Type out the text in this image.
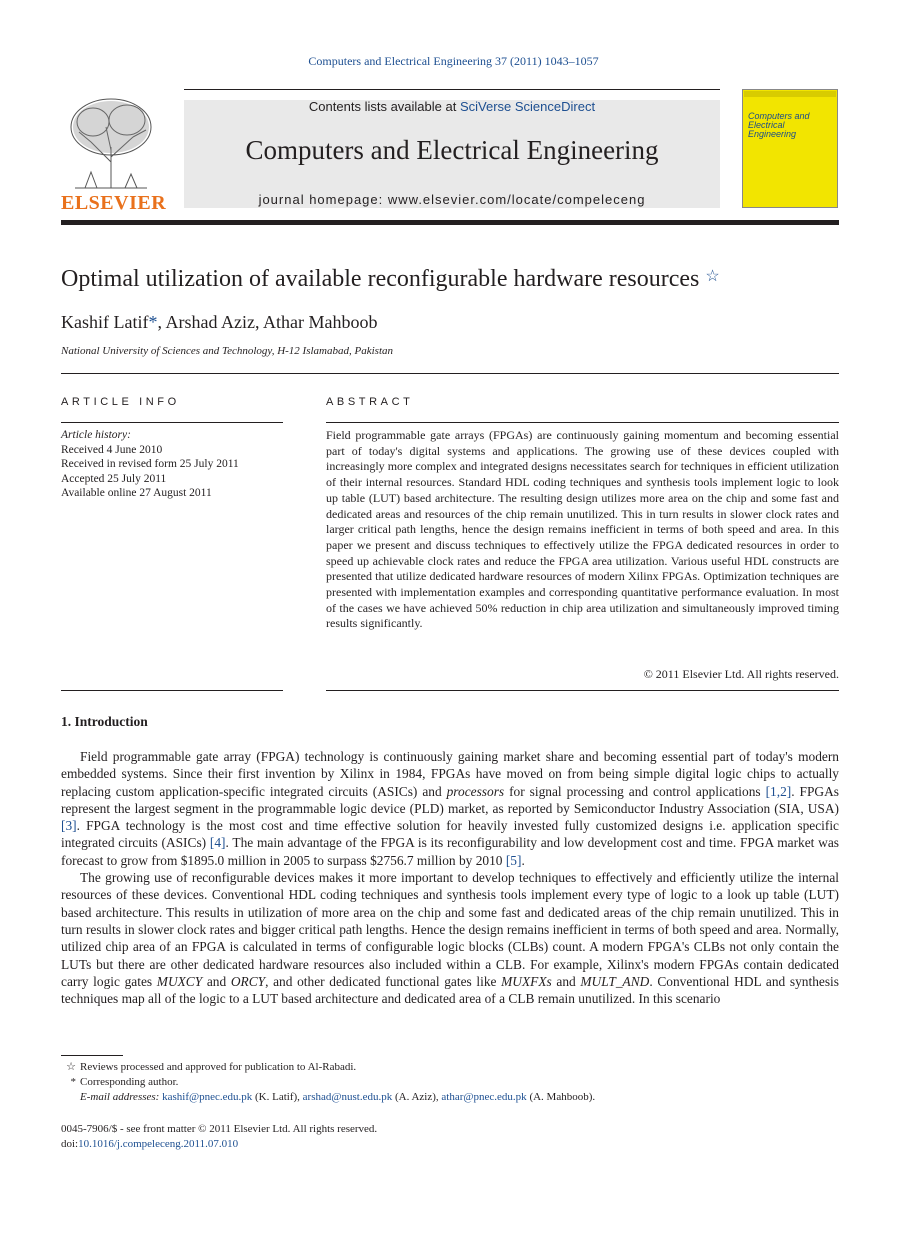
Computers and Electrical Engineering 37 (2011) 1043–1057
ELSEVIER
Contents lists available at SciVerse ScienceDirect
Computers and Electrical Engineering
journal homepage: www.elsevier.com/locate/compeleceng
Computers and Electrical Engineering
Optimal utilization of available reconfigurable hardware resources ☆
Kashif Latif*, Arshad Aziz, Athar Mahboob
National University of Sciences and Technology, H-12 Islamabad, Pakistan
ARTICLE INFO
Article history:
Received 4 June 2010
Received in revised form 25 July 2011
Accepted 25 July 2011
Available online 27 August 2011
ABSTRACT
Field programmable gate arrays (FPGAs) are continuously gaining momentum and becoming essential part of today's digital systems and applications. The growing use of these devices coupled with increasingly more complex and integrated designs necessitates search for techniques in efficient utilization of their internal resources. Standard HDL coding techniques and synthesis tools implement logic to look up table (LUT) based architecture. The resulting design utilizes more area on the chip and some fast and dedicated areas and resources of the chip remain unutilized. This in turn results in slower clock rates and larger critical path lengths, hence the design remains inefficient in terms of both speed and area. In this paper we present and discuss techniques to effectively utilize the FPGA dedicated resources in order to speed up achievable clock rates and reduce the FPGA area utilization. Various useful HDL constructs are presented that utilize dedicated hardware resources of modern Xilinx FPGAs. Optimization techniques are presented with implementation examples and corresponding quantitative performance evaluation. In most of the cases we have achieved 50% reduction in chip area utilization and simultaneously improved timing results significantly.
© 2011 Elsevier Ltd. All rights reserved.
1. Introduction

Field programmable gate array (FPGA) technology is continuously gaining market share and becoming essential part of today's modern embedded systems. Since their first invention by Xilinx in 1984, FPGAs have moved on from being simple digital logic chips to actually replacing custom application-specific integrated circuits (ASICs) and processors for signal processing and control applications [1,2]. FPGAs represent the largest segment in the programmable logic device (PLD) market, as reported by Semiconductor Industry Association (SIA, USA) [3]. FPGA technology is the most cost and time effective solution for heavily invested fully customized designs i.e. application specific integrated circuits (ASICs) [4]. The main advantage of the FPGA is its reconfigurability and low development cost and time. FPGA market was forecast to grow from $1895.0 million in 2005 to surpass $2756.7 million by 2010 [5].

The growing use of reconfigurable devices makes it more important to develop techniques to effectively and efficiently utilize the internal resources of these devices. Conventional HDL coding techniques and synthesis tools implement every type of logic to a look up table (LUT) based architecture. This results in utilization of more area on the chip and some fast and dedicated areas of the chip remain unutilized. This in turn results in slower clock rates and bigger critical path lengths. Hence the design remains inefficient in terms of both speed and area. Normally, utilized chip area of an FPGA is calculated in terms of configurable logic blocks (CLBs) count. A modern FPGA's CLBs not only contain the LUTs but there are other dedicated hardware resources also included within a CLB. For example, Xilinx's modern FPGAs contain dedicated carry logic gates MUXCY and ORCY, and other dedicated functional gates like MUXFXs and MULT_AND. Conventional HDL and synthesis techniques map all of the logic to a LUT based architecture and dedicated area of a CLB remain unutilized. In this scenario

☆ Reviews processed and approved for publication to Al-Rabadi.
* Corresponding author.
E-mail addresses: kashif@pnec.edu.pk (K. Latif), arshad@nust.edu.pk (A. Aziz), athar@pnec.edu.pk (A. Mahboob).
0045-7906/$ - see front matter © 2011 Elsevier Ltd. All rights reserved.
doi:10.1016/j.compeleceng.2011.07.010
